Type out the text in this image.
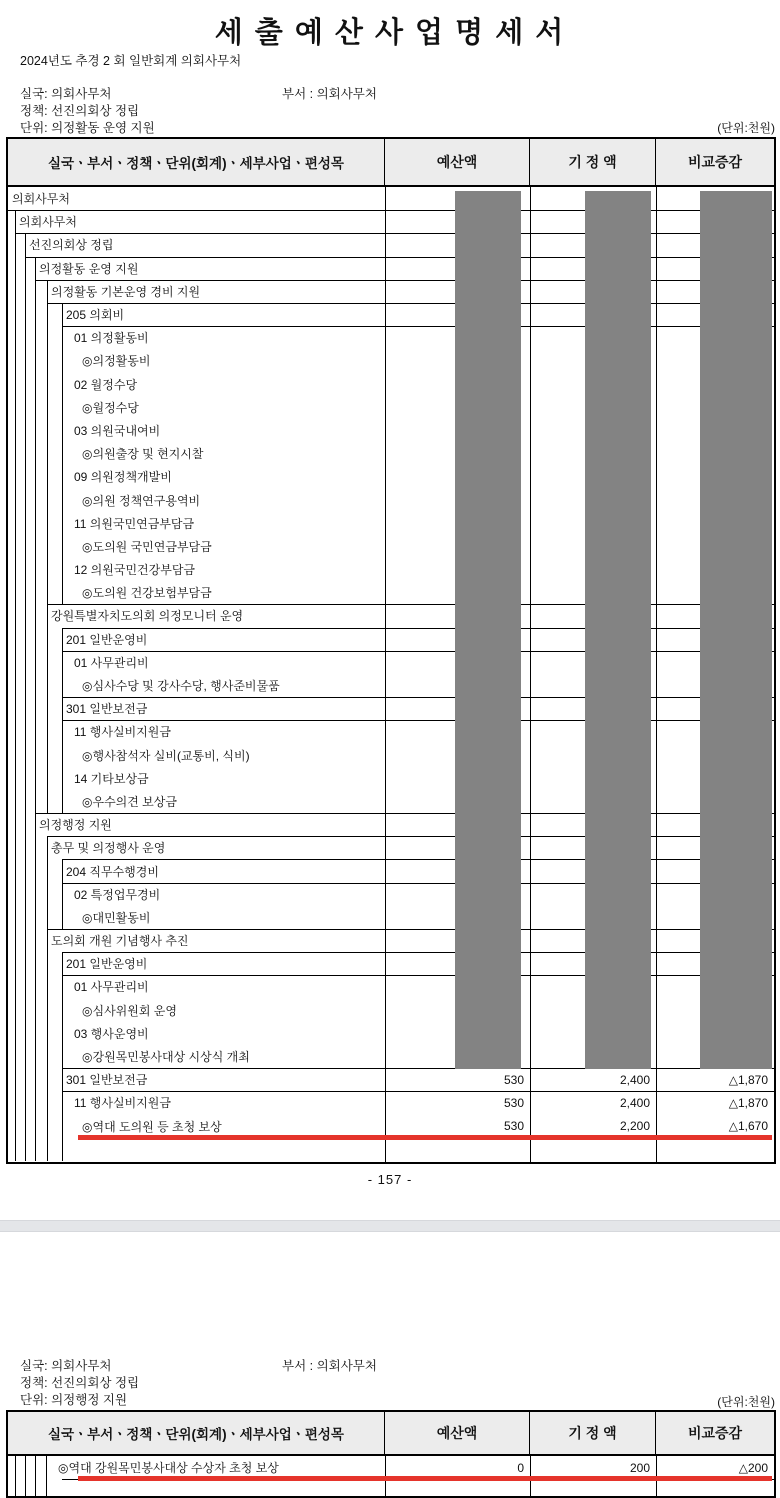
세 출 예 산 사 업 명 세 서
2024년도 추경 2 회 일반회계 의회사무처
실국: 의회사무처	부서 : 의회사무처
정책: 선진의회상 정립
단위: 의정활동 운영 지원	(단위:천원)
실국ㆍ부서ㆍ정책ㆍ단위(회계)ㆍ세부사업ㆍ편성목	예산액	기 정 액	비교증감
의회사무처
의회사무처
선진의회상 정립
의정활동 운영 지원
의정활동 기본운영 경비 지원
205 의회비
01 의정활동비
◎의정활동비
02 월정수당
◎월정수당
03 의원국내여비
◎의원출장 및 현지시찰
09 의원정책개발비
◎의원 정책연구용역비
11 의원국민연금부담금
◎도의원 국민연금부담금
12 의원국민건강부담금
◎도의원 건강보험부담금
강원특별자치도의회 의정모니터 운영
201 일반운영비
01 사무관리비
◎심사수당 및 강사수당, 행사준비물품
301 일반보전금
11 행사실비지원금
◎행사참석자 실비(교통비, 식비)
14 기타보상금
◎우수의견 보상금
의정행정 지원
총무 및 의정행사 운영
204 직무수행경비
02 특정업무경비
◎대민활동비
도의회 개원 기념행사 추진
201 일반운영비
01 사무관리비
◎심사위원회 운영
03 행사운영비
◎강원목민봉사대상 시상식 개최
301 일반보전금	530	2,400	△1,870
11 행사실비지원금	530	2,400	△1,870
◎역대 도의원 등 초청 보상	530	2,200	△1,670
- 157 -
실국: 의회사무처	부서 : 의회사무처
정책: 선진의회상 정립
단위: 의정행정 지원	(단위:천원)
실국ㆍ부서ㆍ정책ㆍ단위(회계)ㆍ세부사업ㆍ편성목	예산액	기 정 액	비교증감
◎역대 강원목민봉사대상 수상자 초청 보상	0	200	△200
